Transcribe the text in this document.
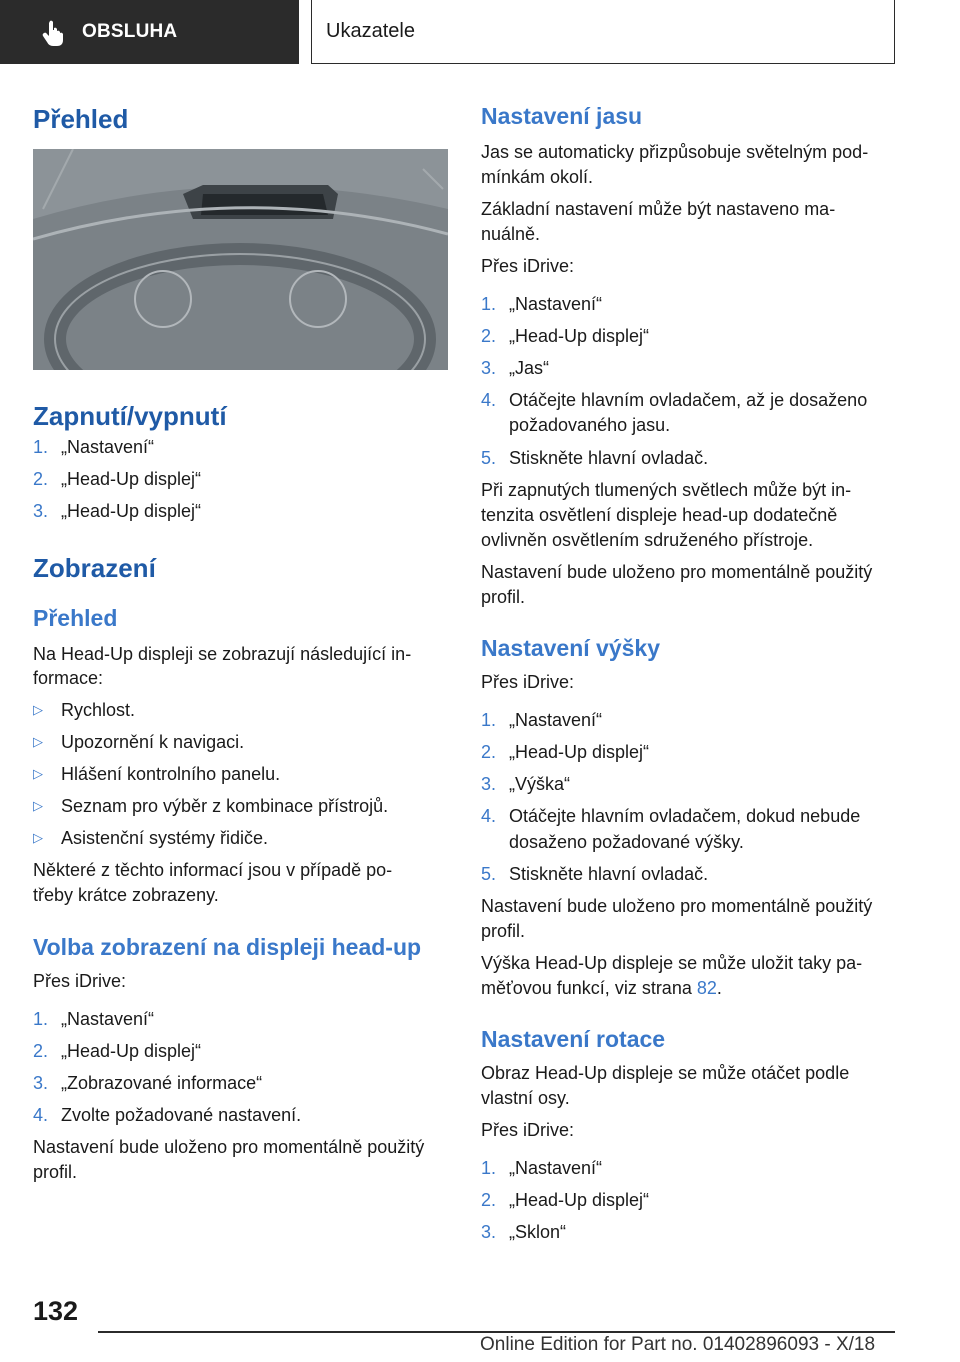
OBSLUHA	Ukazatele
Přehled
Zapnutí/vypnutí
1. „Nastavení“
2. „Head-Up displej“
3. „Head-Up displej“
Zobrazení
Přehled

Na Head-Up displeji se zobrazují následující in-

formace:

▷ Rychlost.
▷ Upozornění k navigaci.
▷ Hlášení kontrolního panelu.
▷ Seznam pro výběr z kombinace přístrojů.
▷ Asistenční systémy řidiče.

Některé z těchto informací jsou v případě po-

třeby krátce zobrazeny.

Volba zobrazení na displeji head-up

Přes iDrive:

1. „Nastavení“
2. „Head-Up displej“
3. „Zobrazované informace“
4. Zvolte požadované nastavení.

Nastavení bude uloženo pro momentálně použitý

profil.

Nastavení jasu

Jas se automaticky přizpůsobuje světelným pod-

mínkám okolí.

Základní nastavení může být nastaveno ma-

nuálně.

Přes iDrive:

1. „Nastavení“
2. „Head-Up displej“
3. „Jas“
4. Otáčejte hlavním ovladačem, až je dosaženo

požadovaného jasu.

5. Stiskněte hlavní ovladač.

Při zapnutých tlumených světlech může být in-

tenzita osvětlení displeje head-up dodatečně

ovlivněn osvětlením sdruženého přístroje.

Nastavení bude uloženo pro momentálně použitý

profil.

Nastavení výšky

Přes iDrive:

1. „Nastavení“
2. „Head-Up displej“
3. „Výška“
4. Otáčejte hlavním ovladačem, dokud nebude

dosaženo požadované výšky.

5. Stiskněte hlavní ovladač.

Nastavení bude uloženo pro momentálně použitý

profil.

Výška Head-Up displeje se může uložit taky pa-

měťovou funkcí, viz strana 82.

Nastavení rotace

Obraz Head-Up displeje se může otáčet podle

vlastní osy.

Přes iDrive:

1. „Nastavení“
2. „Head-Up displej“
3. „Sklon“
132
Online Edition for Part no. 01402896093 - X/18
